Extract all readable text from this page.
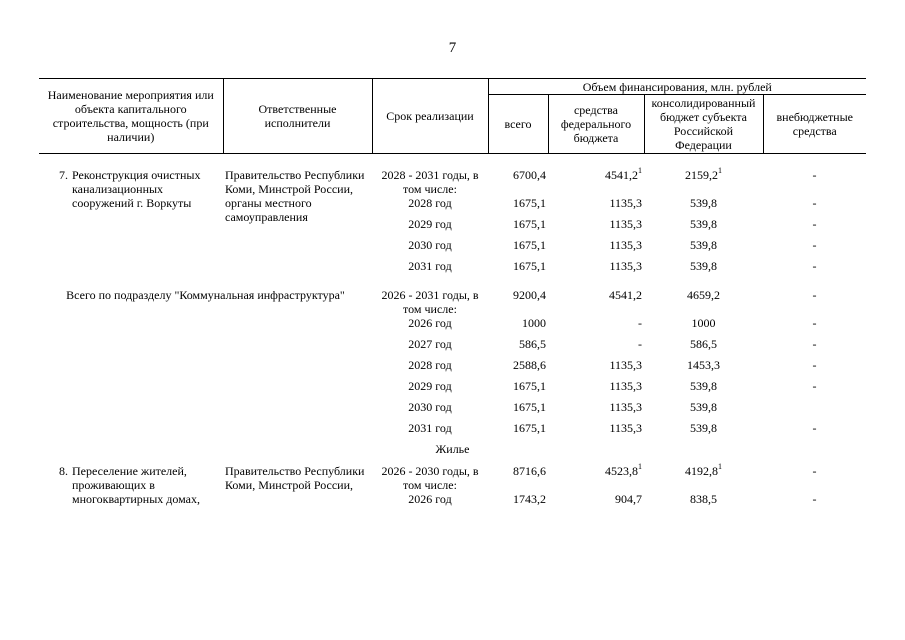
7
Наименование мероприятия или объекта капитального строительства, мощность (при наличии)		Ответственные исполнители	Срок реализации	Объем финансирования, млн. рублей			
				всего	средства федерального бюджета	консолидированный бюджет субъекта Российской Федерации	внебюджетные средства

7.	Реконструкция очистных канализационных сооружений г. Воркуты	Правительство Республики Коми, Минстрой России, органы местного самоуправления	2028 - 2031 годы, в том числе:	6700,4	4541,2$^1$	2159,2$^1$	-
			2028 год	1675,1	1135,3	539,8	-
			2029 год	1675,1	1135,3	539,8	-
			2030 год	1675,1	1135,3	539,8	-
			2031 год	1675,1	1135,3	539,8	-

Всего по подразделу "Коммунальная инфраструктура"			2026 - 2031 годы, в том числе:	9200,4	4541,2	4659,2	-
			2026 год	1000	-	1000	-
			2027 год	586,5	-	586,5	-
			2028 год	2588,6	1135,3	1453,3	-
			2029 год	1675,1	1135,3	539,8	-
			2030 год	1675,1	1135,3	539,8	
			2031 год	1675,1	1135,3	539,8	-
Жилье							
8.	Переселение жителей, проживающих в многоквартирных домах,	Правительство Республики Коми, Минстрой России,	2026 - 2030 годы, в том числе:	8716,6	4523,8$^1$	4192,8$^1$	-
			2026 год	1743,2	904,7	838,5	-
